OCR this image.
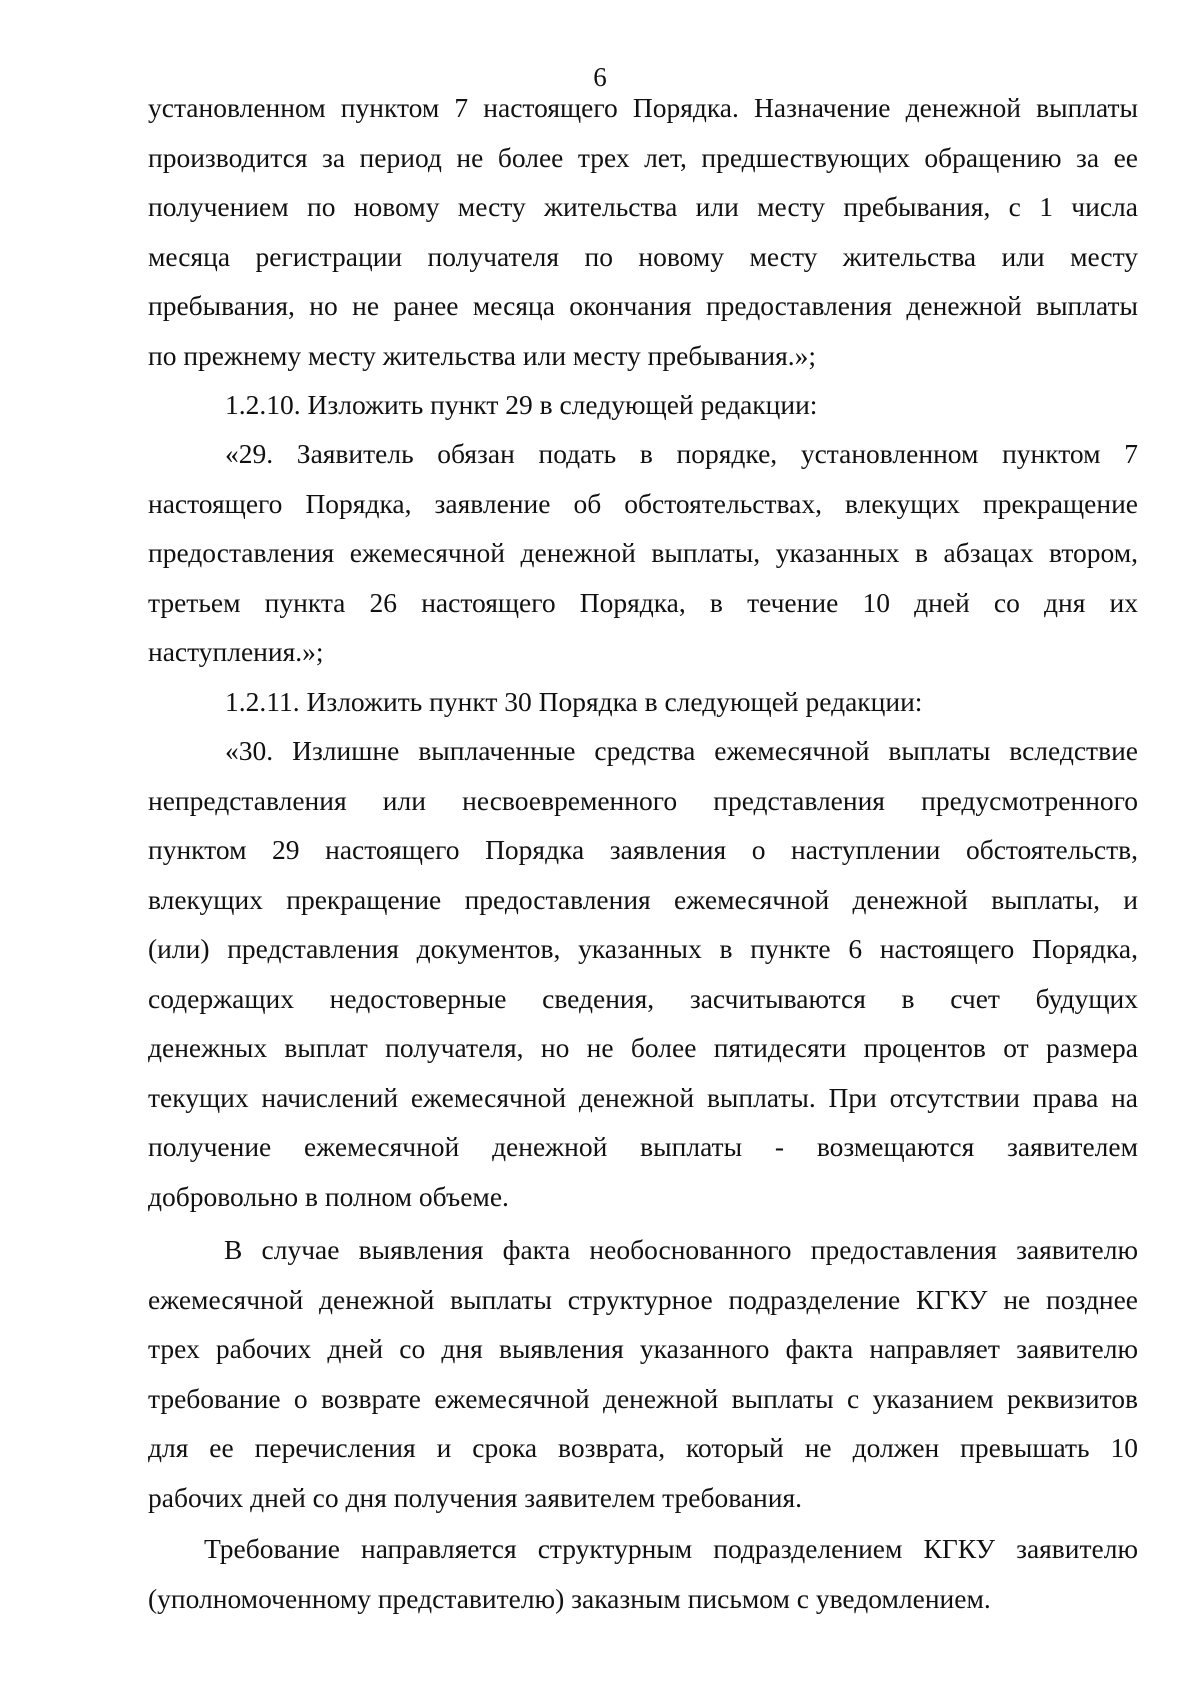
6
установленном пунктом 7 настоящего Порядка. Назначение денежной выплаты
производится за период не более трех лет, предшествующих обращению за ее
получением по новому месту жительства или месту пребывания, с 1 числа
месяца регистрации получателя по новому месту жительства или месту
пребывания, но не ранее месяца окончания предоставления денежной выплаты
по прежнему месту жительства или месту пребывания.»;
1.2.10. Изложить пункт 29 в следующей редакции:
«29. Заявитель обязан подать в порядке, установленном пунктом 7
настоящего Порядка, заявление об обстоятельствах, влекущих прекращение
предоставления ежемесячной денежной выплаты, указанных в абзацах втором,
третьем пункта 26 настоящего Порядка, в течение 10 дней со дня их
наступления.»;
1.2.11. Изложить пункт 30 Порядка в следующей редакции:
«30. Излишне выплаченные средства ежемесячной выплаты вследствие
непредставления или несвоевременного представления предусмотренного
пунктом 29 настоящего Порядка заявления о наступлении обстоятельств,
влекущих прекращение предоставления ежемесячной денежной выплаты, и
(или) представления документов, указанных в пункте 6 настоящего Порядка,
содержащих недостоверные сведения, засчитываются в счет будущих
денежных выплат получателя, но не более пятидесяти процентов от размера
текущих начислений ежемесячной денежной выплаты. При отсутствии права на
получение ежемесячной денежной выплаты - возмещаются заявителем
добровольно в полном объеме.
В случае выявления факта необоснованного предоставления заявителю
ежемесячной денежной выплаты структурное подразделение КГКУ не позднее
трех рабочих дней со дня выявления указанного факта направляет заявителю
требование о возврате ежемесячной денежной выплаты с указанием реквизитов
для ее перечисления и срока возврата, который не должен превышать 10
рабочих дней со дня получения заявителем требования.
Требование направляется структурным подразделением КГКУ заявителю
(уполномоченному представителю) заказным письмом с уведомлением.
